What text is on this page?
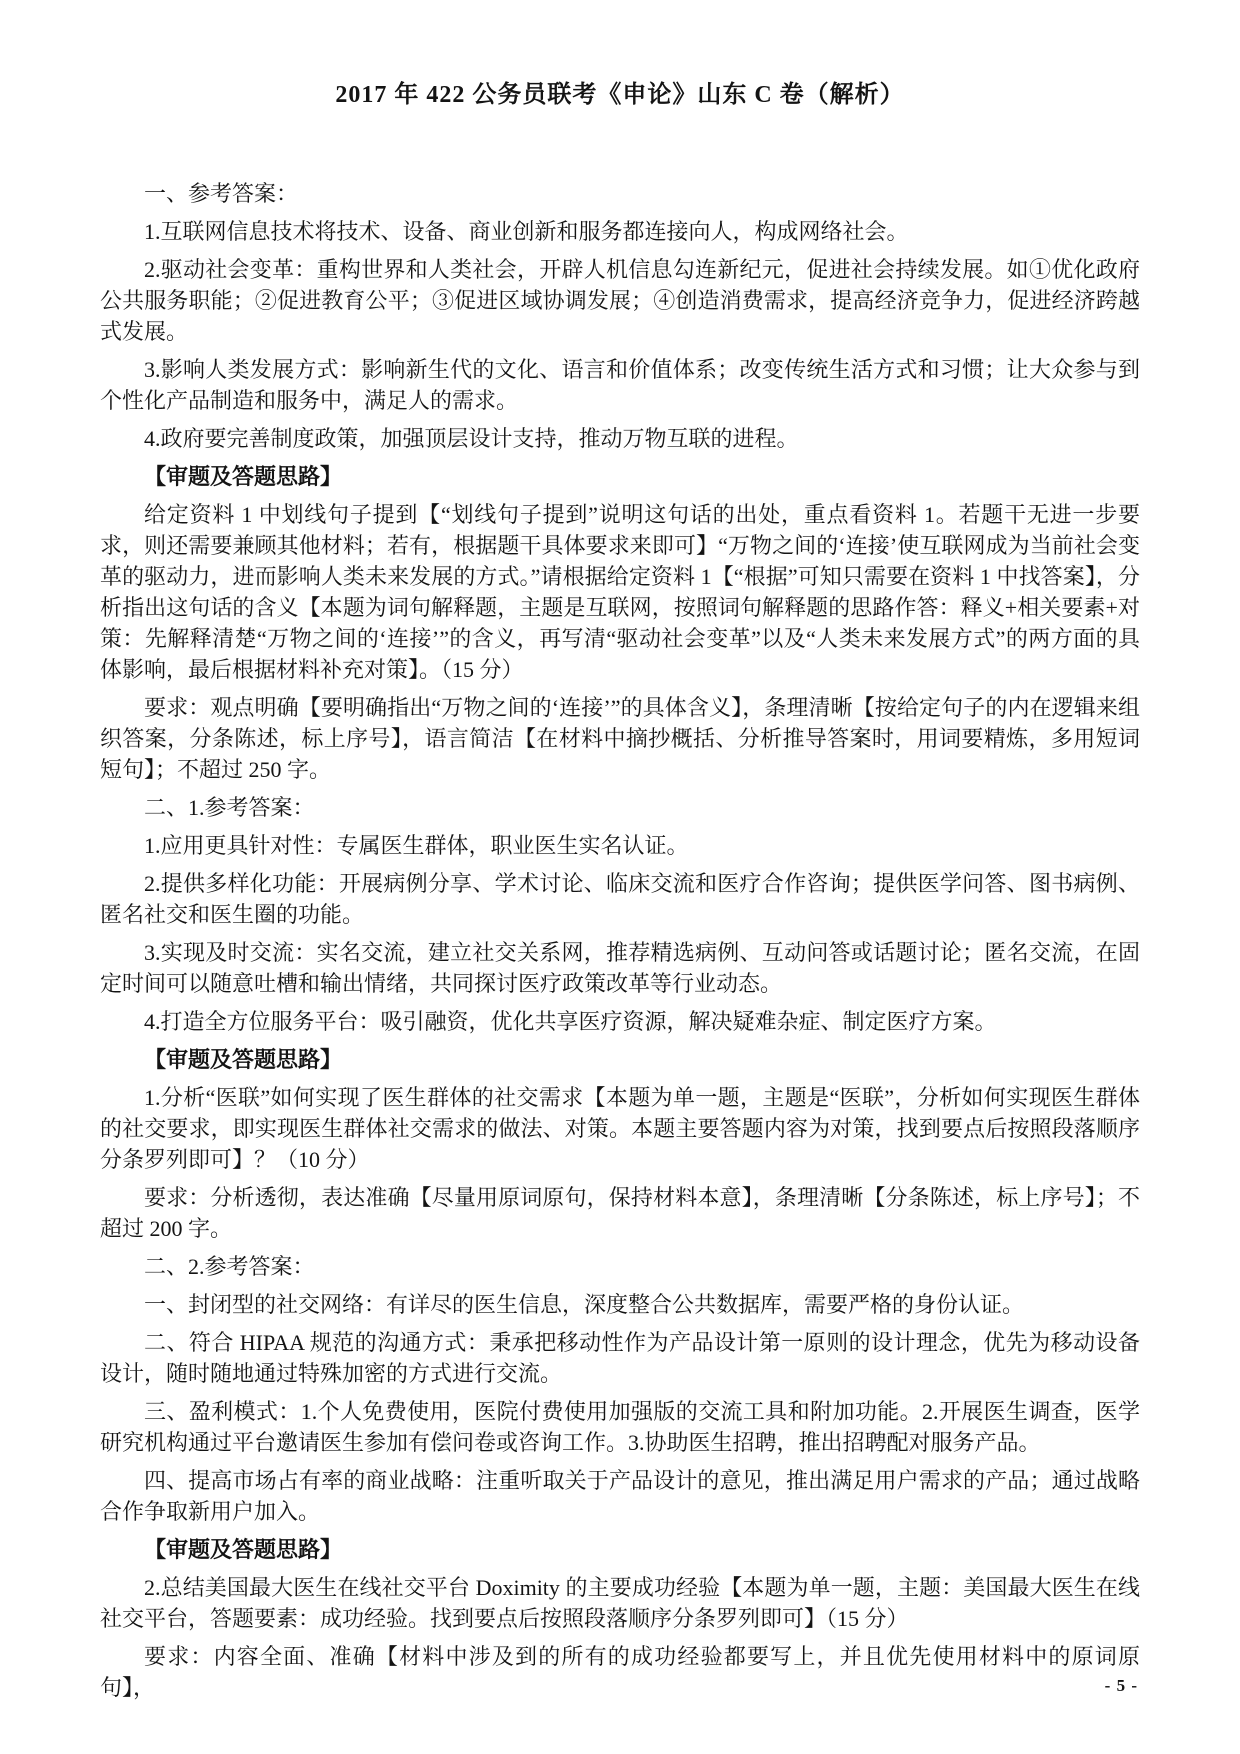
2017 年 422 公务员联考《申论》山东 C 卷（解析）

一、参考答案：

1.互联网信息技术将技术、设备、商业创新和服务都连接向人，构成网络社会。

2.驱动社会变革：重构世界和人类社会，开辟人机信息勾连新纪元，促进社会持续发展。如①优化政府公共服务职能；②促进教育公平；③促进区域协调发展；④创造消费需求，提高经济竞争力，促进经济跨越式发展。

3.影响人类发展方式：影响新生代的文化、语言和价值体系；改变传统生活方式和习惯；让大众参与到个性化产品制造和服务中，满足人的需求。

4.政府要完善制度政策，加强顶层设计支持，推动万物互联的进程。

【审题及答题思路】

给定资料 1 中划线句子提到【“划线句子提到”说明这句话的出处，重点看资料 1。若题干无进一步要求，则还需要兼顾其他材料；若有，根据题干具体要求来即可】“万物之间的‘连接’使互联网成为当前社会变革的驱动力，进而影响人类未来发展的方式。”请根据给定资料 1【“根据”可知只需要在资料 1 中找答案】，分析指出这句话的含义【本题为词句解释题，主题是互联网，按照词句解释题的思路作答：释义+相关要素+对策：先解释清楚“万物之间的‘连接’”的含义，再写清“驱动社会变革”以及“人类未来发展方式”的两方面的具体影响，最后根据材料补充对策】。（15 分）

要求：观点明确【要明确指出“万物之间的‘连接’”的具体含义】，条理清晰【按给定句子的内在逻辑来组织答案，分条陈述，标上序号】，语言简洁【在材料中摘抄概括、分析推导答案时，用词要精炼，多用短词短句】；不超过 250 字。

二、1.参考答案：

1.应用更具针对性：专属医生群体，职业医生实名认证。

2.提供多样化功能：开展病例分享、学术讨论、临床交流和医疗合作咨询；提供医学问答、图书病例、匿名社交和医生圈的功能。

3.实现及时交流：实名交流，建立社交关系网，推荐精选病例、互动问答或话题讨论；匿名交流，在固定时间可以随意吐槽和输出情绪，共同探讨医疗政策改革等行业动态。

4.打造全方位服务平台：吸引融资，优化共享医疗资源，解决疑难杂症、制定医疗方案。

【审题及答题思路】

1.分析“医联”如何实现了医生群体的社交需求【本题为单一题，主题是“医联”，分析如何实现医生群体的社交要求，即实现医生群体社交需求的做法、对策。本题主要答题内容为对策，找到要点后按照段落顺序分条罗列即可】？（10 分）

要求：分析透彻，表达准确【尽量用原词原句，保持材料本意】，条理清晰【分条陈述，标上序号】；不超过 200 字。

二、2.参考答案：

一、封闭型的社交网络：有详尽的医生信息，深度整合公共数据库，需要严格的身份认证。

二、符合 HIPAA 规范的沟通方式：秉承把移动性作为产品设计第一原则的设计理念，优先为移动设备设计，随时随地通过特殊加密的方式进行交流。

三、盈利模式：1.个人免费使用，医院付费使用加强版的交流工具和附加功能。2.开展医生调查，医学研究机构通过平台邀请医生参加有偿问卷或咨询工作。3.协助医生招聘，推出招聘配对服务产品。

四、提高市场占有率的商业战略：注重听取关于产品设计的意见，推出满足用户需求的产品；通过战略合作争取新用户加入。

【审题及答题思路】

2.总结美国最大医生在线社交平台 Doximity 的主要成功经验【本题为单一题，主题：美国最大医生在线社交平台，答题要素：成功经验。找到要点后按照段落顺序分条罗列即可】（15 分）

要求：内容全面、准确【材料中涉及到的所有的成功经验都要写上，并且优先使用材料中的原词原句】，	- 5 -
